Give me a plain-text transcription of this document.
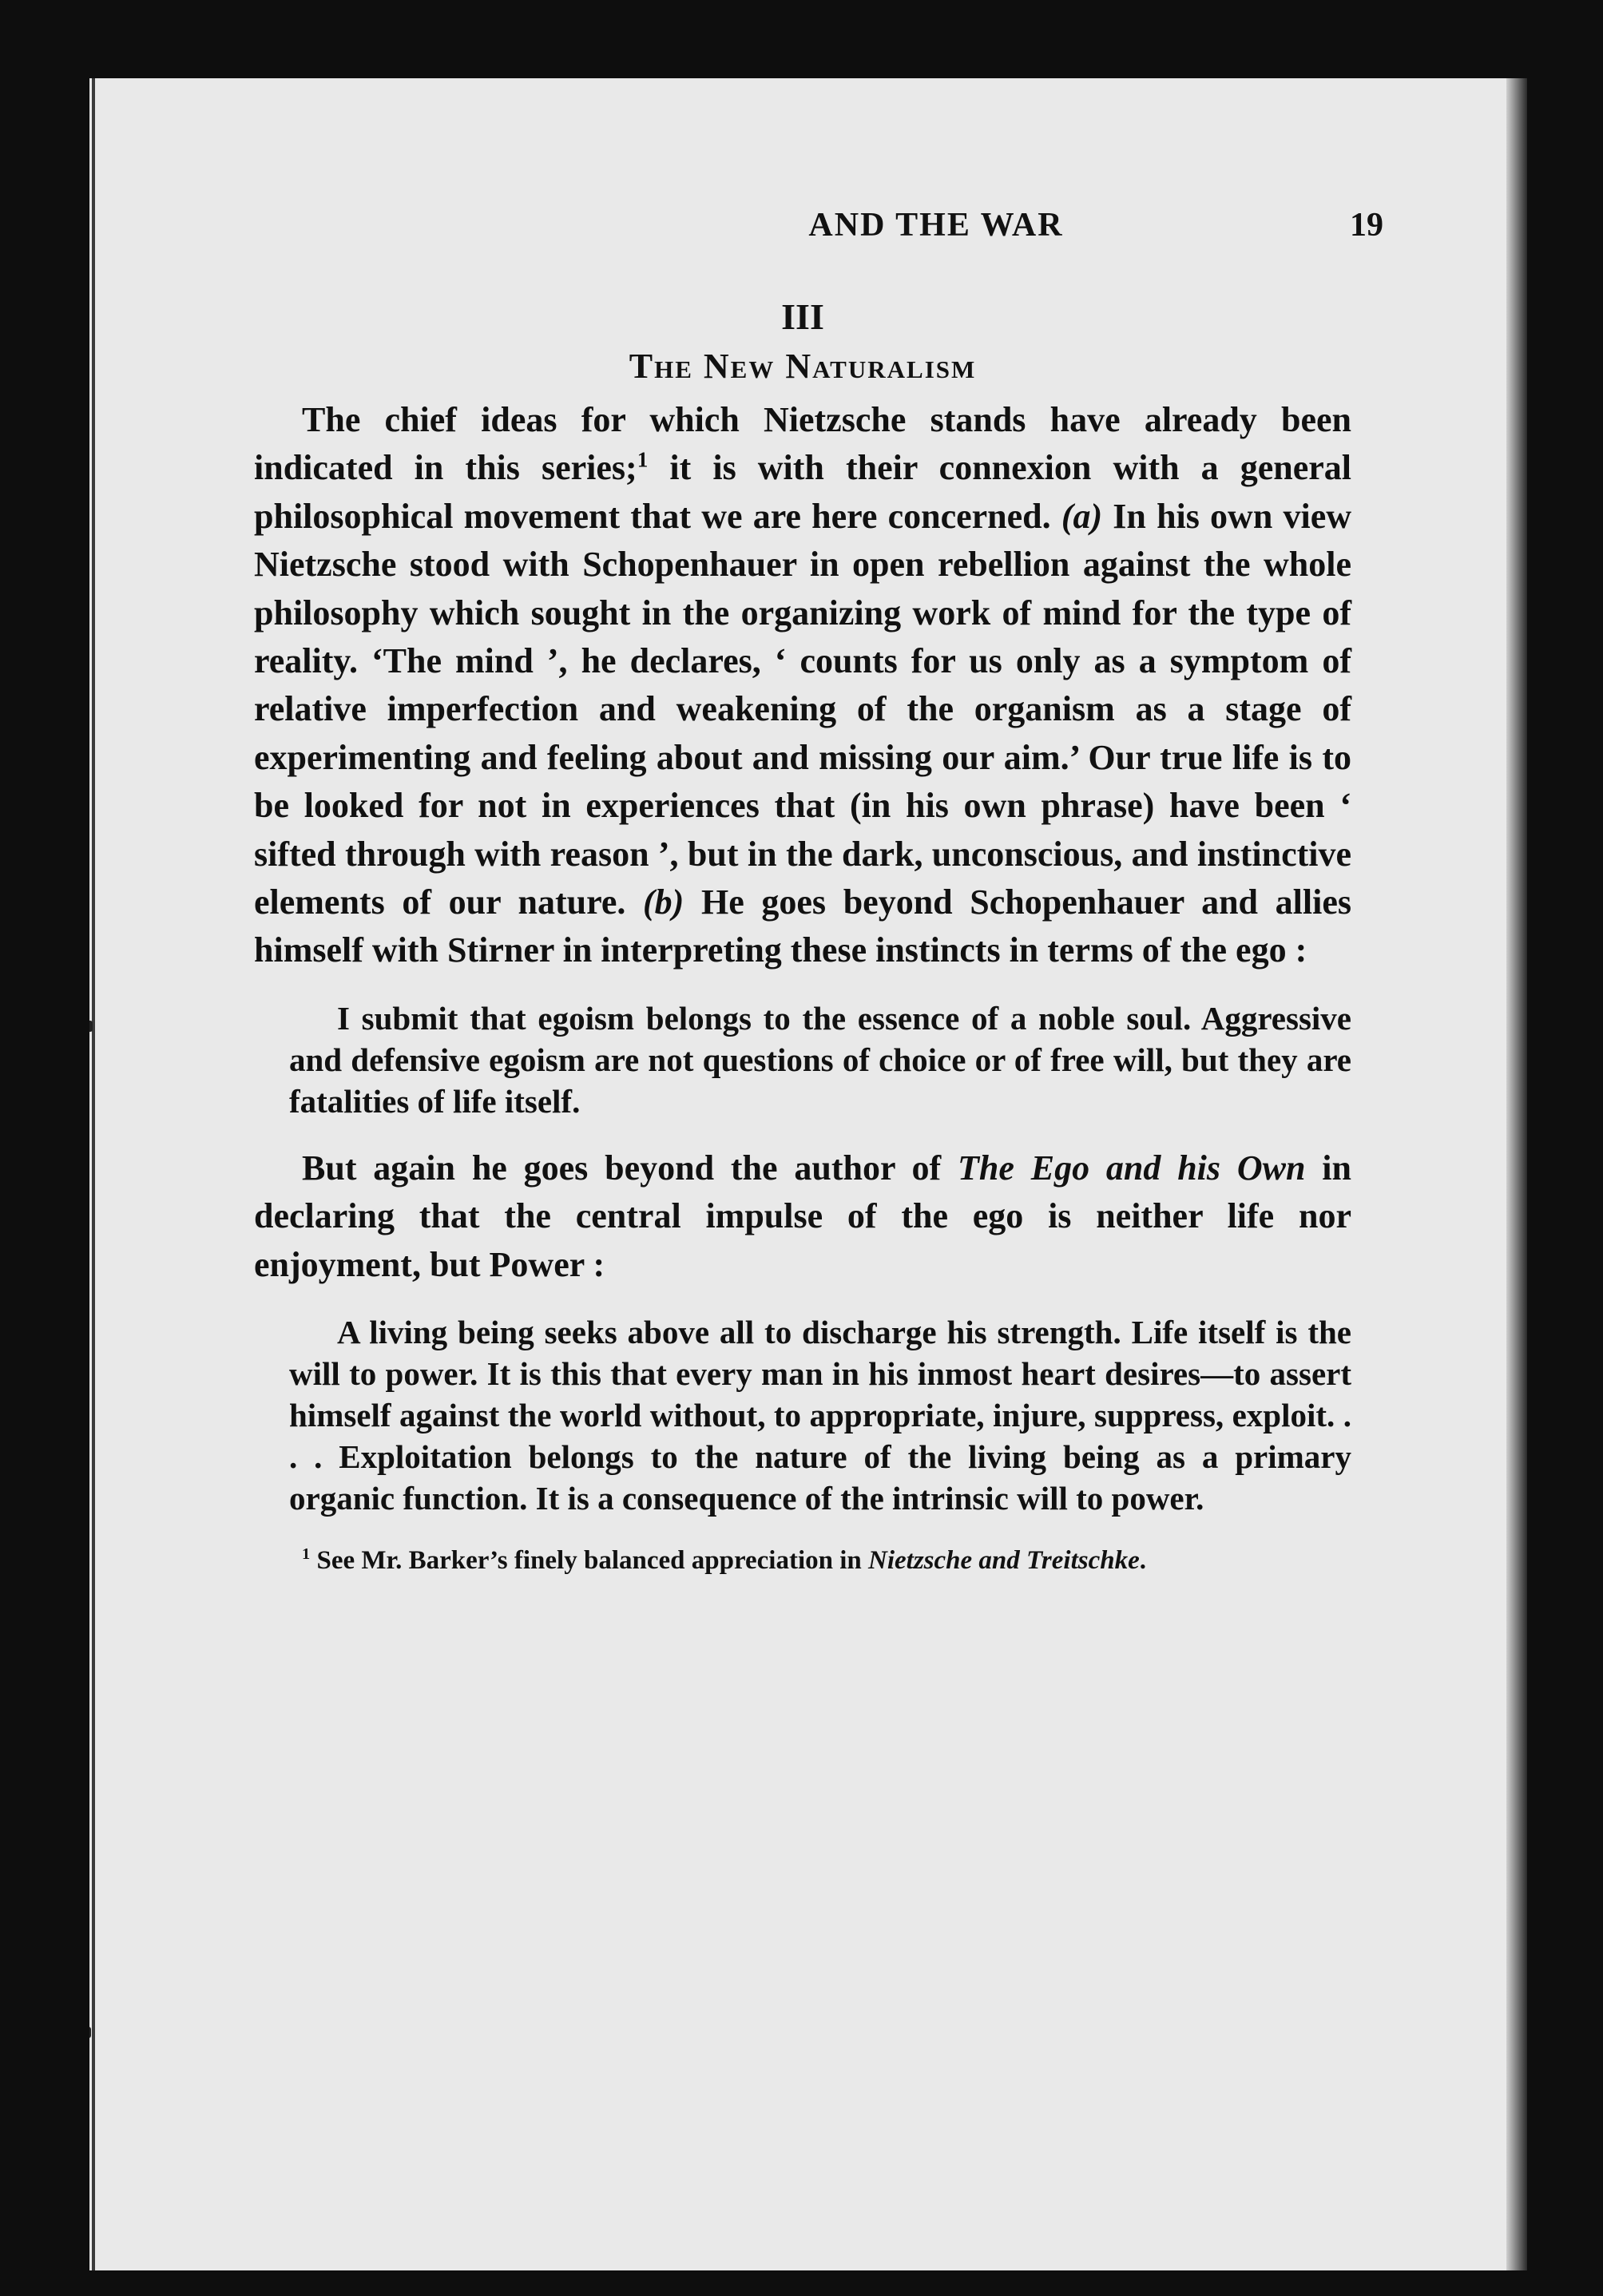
AND THE WAR	19
III
The New Naturalism

The chief ideas for which Nietzsche stands have already been indicated in this series;$^1$ it is with their connexion with a general philosophical movement that we are here concerned. (a) In his own view Nietzsche stood with Schopenhauer in open rebellion against the whole philosophy which sought in the organizing work of mind for the type of reality. ‘The mind ’, he declares, ‘ counts for us only as a symptom of relative imperfection and weakening of the organism as a stage of experimenting and feeling about and missing our aim.’ Our true life is to be looked for not in experiences that (in his own phrase) have been ‘ sifted through with reason ’, but in the dark, unconscious, and instinctive elements of our nature. (b) He goes beyond Schopenhauer and allies himself with Stirner in interpreting these instincts in terms of the ego :

I submit that egoism belongs to the essence of a noble soul. Aggressive and defensive egoism are not questions of choice or of free will, but they are fatalities of life itself.

But again he goes beyond the author of The Ego and his Own in declaring that the central impulse of the ego is neither life nor enjoyment, but Power :

A living being seeks above all to discharge his strength. Life itself is the will to power. It is this that every man in his inmost heart desires—to assert himself against the world without, to appropriate, injure, suppress, exploit. . . . Exploitation belongs to the nature of the living being as a primary organic function. It is a consequence of the intrinsic will to power.

$^1$ See Mr. Barker’s finely balanced appreciation in Nietzsche and Treitschke.
